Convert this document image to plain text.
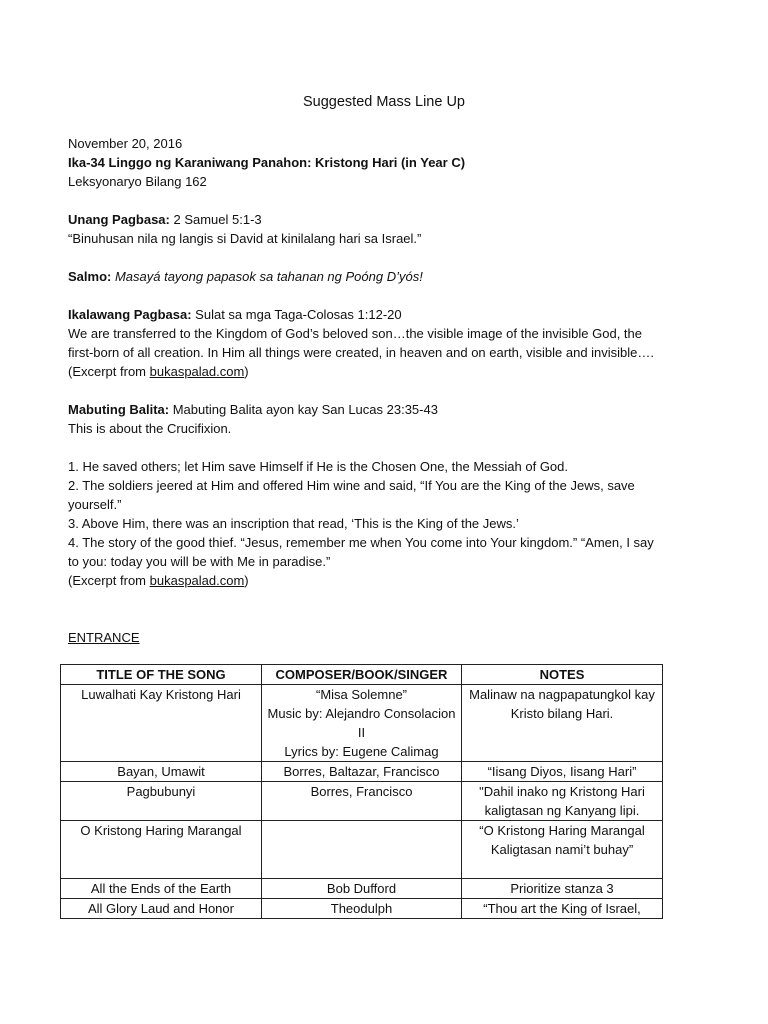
Suggested Mass Line Up
November 20, 2016
Ika-34 Linggo ng Karaniwang Panahon: Kristong Hari (in Year C)
Leksyonaryo Bilang 162
Unang Pagbasa: 2 Samuel 5:1-3
“Binuhusan nila ng langis si David at kinilalang hari sa Israel.”
Salmo: Masayá tayong papasok sa tahanan ng Poóng D’yós!
Ikalawang Pagbasa: Sulat sa mga Taga-Colosas 1:12-20
We are transferred to the Kingdom of God’s beloved son…the visible image of the invisible God, the
first-born of all creation. In Him all things were created, in heaven and on earth, visible and invisible….
(Excerpt from bukaspalad.com)
Mabuting Balita: Mabuting Balita ayon kay San Lucas 23:35-43
This is about the Crucifixion.
1. He saved others; let Him save Himself if He is the Chosen One, the Messiah of God.
2. The soldiers jeered at Him and offered Him wine and said, “If You are the King of the Jews, save
yourself.”
3. Above Him, there was an inscription that read, ‘This is the King of the Jews.’
4. The story of the good thief. “Jesus, remember me when You come into Your kingdom.” “Amen, I say
to you: today you will be with Me in paradise.”
(Excerpt from bukaspalad.com)
ENTRANCE
TITLE OF THE SONG	COMPOSER/BOOK/SINGER	NOTES
Luwalhati Kay Kristong Hari	“Misa Solemne”
Music by: Alejandro Consolacion II
Lyrics by: Eugene Calimag	Malinaw na nagpapatungkol kay Kristo bilang Hari.
Bayan, Umawit	Borres, Baltazar, Francisco	“Iisang Diyos, Iisang Hari”
Pagbubunyi	Borres, Francisco	"Dahil inako ng Kristong Hari kaligtasan ng Kanyang lipi.
O Kristong Haring Marangal		“O Kristong Haring Marangal Kaligtasan nami’t buhay”
All the Ends of the Earth	Bob Dufford	Prioritize stanza 3
All Glory Laud and Honor	Theodulph	“Thou art the King of Israel,
